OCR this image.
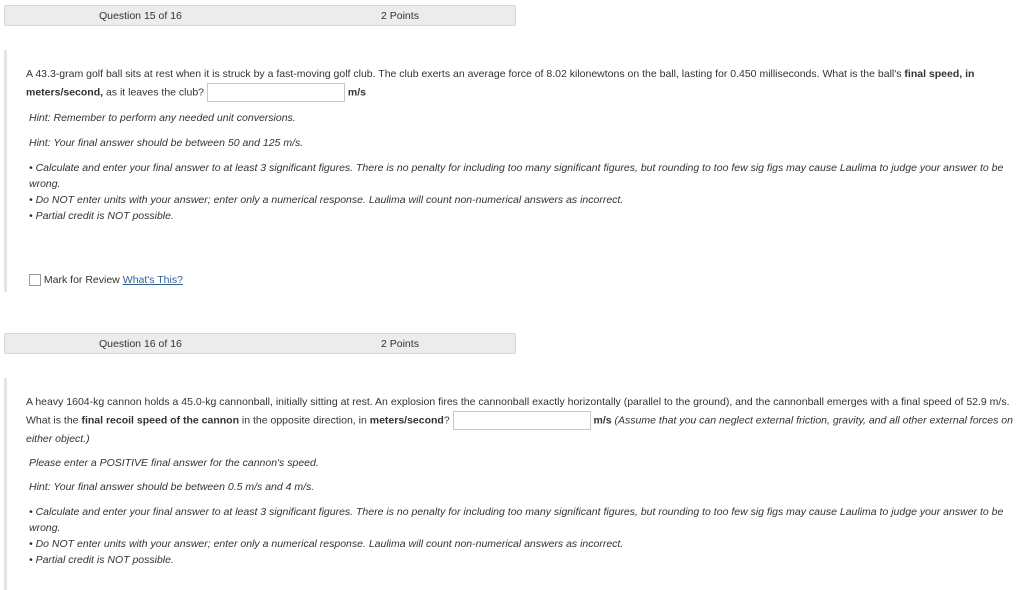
Question 15 of 16	2 Points
A 43.3-gram golf ball sits at rest when it is struck by a fast-moving golf club. The club exerts an average force of 8.02 kilonewtons on the ball, lasting for 0.450 milliseconds. What is the ball's final speed, in meters/second, as it leaves the club?	m/s
Hint: Remember to perform any needed unit conversions.
Hint: Your final answer should be between 50 and 125 m/s.
• Calculate and enter your final answer to at least 3 significant figures. There is no penalty for including too many significant figures, but rounding to too few sig figs may cause Laulima to judge your answer to be wrong.
• Do NOT enter units with your answer; enter only a numerical response. Laulima will count non-numerical answers as incorrect.
• Partial credit is NOT possible.
Mark for Review What's This?
Question 16 of 16	2 Points
A heavy 1604-kg cannon holds a 45.0-kg cannonball, initially sitting at rest. An explosion fires the cannonball exactly horizontally (parallel to the ground), and the cannonball emerges with a final speed of 52.9 m/s. What is the final recoil speed of the cannon in the opposite direction, in meters/second?	m/s (Assume that you can neglect external friction, gravity, and all other external forces on either object.)
Please enter a POSITIVE final answer for the cannon's speed.
Hint: Your final answer should be between 0.5 m/s and 4 m/s.
• Calculate and enter your final answer to at least 3 significant figures. There is no penalty for including too many significant figures, but rounding to too few sig figs may cause Laulima to judge your answer to be wrong.
• Do NOT enter units with your answer; enter only a numerical response. Laulima will count non-numerical answers as incorrect.
• Partial credit is NOT possible.
